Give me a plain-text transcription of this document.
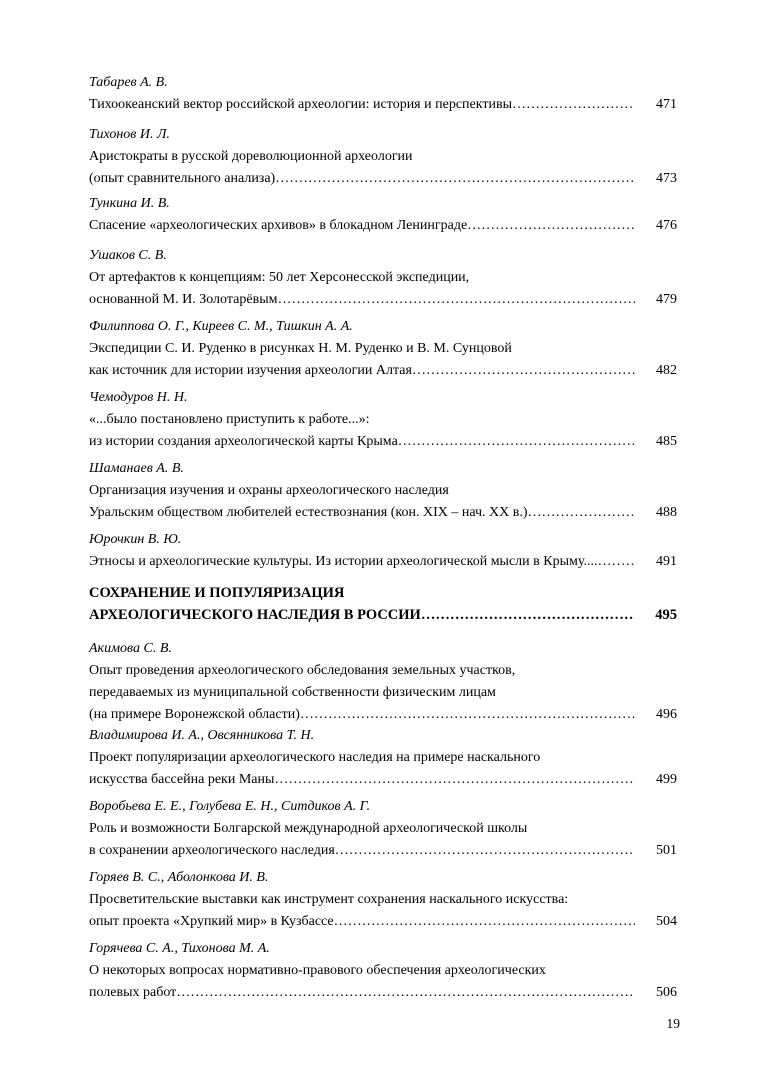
Табарев А. В.
Тихоокеанский вектор российской археологии: история и перспективы ………………………………………………………………………………………………………………………………………………	471
Тихонов И. Л.
Аристократы в русской дореволюционной археологии
(опыт сравнительного анализа) ………………………………………………………………………………………………………………………………………………	473
Тункина И. В.
Спасение «археологических архивов» в блокадном Ленинграде ………………………………………………………………………………………………………………………………………………	476
Ушаков С. В.
От артефактов к концепциям: 50 лет Херсонесской экспедиции,
основанной М. И. Золотарёвым ………………………………………………………………………………………………………………………………………………	479
Филиппова О. Г., Киреев С. М., Тишкин А. А.
Экспедиции С. И. Руденко в рисунках Н. М. Руденко и В. М. Сунцовой
как источник для истории изучения археологии Алтая ………………………………………………………………………………………………………………………………………………	482
Чемодуров Н. Н.
«...было постановлено приступить к работе...»:
из истории создания археологической карты Крыма ………………………………………………………………………………………………………………………………………………	485
Шаманаев А. В.
Организация изучения и охраны археологического наследия
Уральским обществом любителей естествознания (кон. XIX – нач. XX в.) ………………………………………………………………………………………………………………………………………………	488
Юрочкин В. Ю.
Этносы и археологические культуры. Из истории археологической мысли в Крыму.... ………………………………………………………………………………………………………………………………………………	491
СОХРАНЕНИЕ И ПОПУЛЯРИЗАЦИЯ
АРХЕОЛОГИЧЕСКОГО НАСЛЕДИЯ В РОССИИ ………………………………………………………………………………………………………………………………………………	495
Акимова С. В.
Опыт проведения археологического обследования земельных участков,
передаваемых из муниципальной собственности физическим лицам
(на примере Воронежской области) ………………………………………………………………………………………………………………………………………………	496
Владимирова И. А., Овсянникова Т. Н.
Проект популяризации археологического наследия на примере наскального
искусства бассейна реки Маны ………………………………………………………………………………………………………………………………………………	499
Воробьева Е. Е., Голубева Е. Н., Ситдиков А. Г.
Роль и возможности Болгарской международной археологической школы
в сохранении археологического наследия ………………………………………………………………………………………………………………………………………………	501
Горяев В. С., Аболонкова И. В.
Просветительские выставки как инструмент сохранения наскального искусства:
опыт проекта «Хрупкий мир» в Кузбассе ………………………………………………………………………………………………………………………………………………	504
Горячева С. А., Тихонова М. А.
О некоторых вопросах нормативно-правового обеспечения археологических
полевых работ ………………………………………………………………………………………………………………………………………………	506
19
